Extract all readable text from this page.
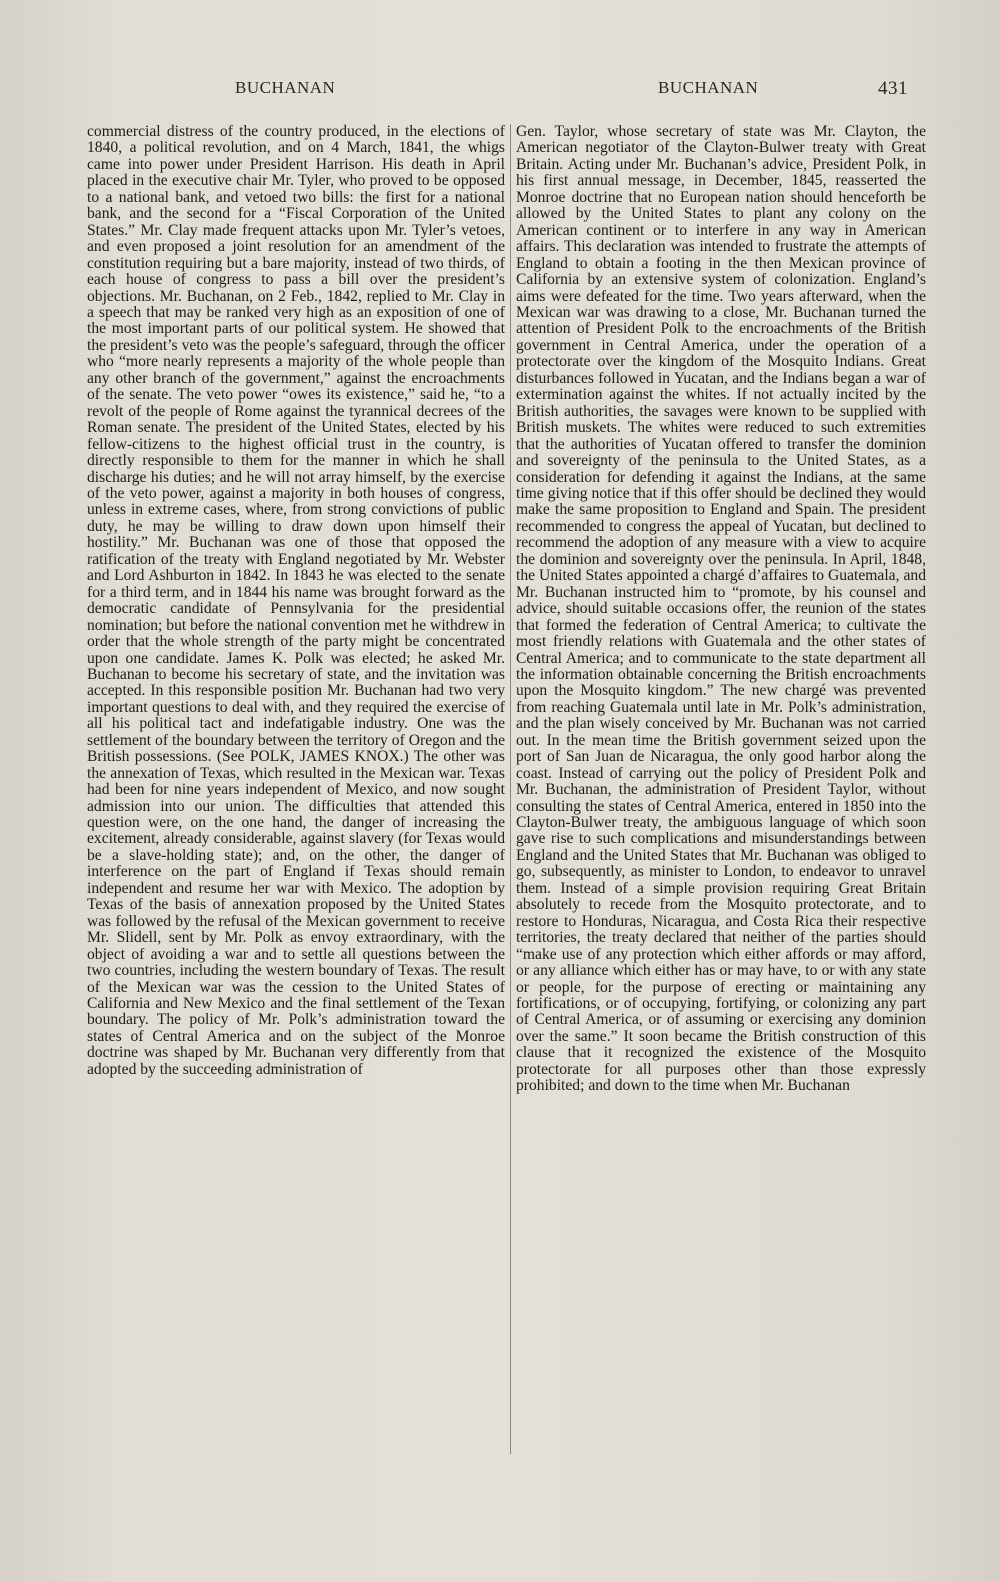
BUCHANAN	BUCHANAN	431

commercial distress of the country produced, in the elections of 1840, a political revolution, and on 4 March, 1841, the whigs came into power under President Harrison. His death in April placed in the executive chair Mr. Tyler, who proved to be opposed to a national bank, and vetoed two bills: the first for a national bank, and the second for a “Fiscal Corporation of the United States.” Mr. Clay made frequent attacks upon Mr. Tyler’s vetoes, and even proposed a joint resolution for an amendment of the constitution requiring but a bare majority, instead of two thirds, of each house of congress to pass a bill over the president’s objections. Mr. Buchanan, on 2 Feb., 1842, replied to Mr. Clay in a speech that may be ranked very high as an exposition of one of the most important parts of our political system. He showed that the president’s veto was the people’s safeguard, through the officer who “more nearly represents a majority of the whole people than any other branch of the government,” against the encroachments of the senate. The veto power “owes its existence,” said he, “to a revolt of the people of Rome against the tyrannical decrees of the Roman senate. The president of the United States, elected by his fellow-citizens to the highest official trust in the country, is directly responsible to them for the manner in which he shall discharge his duties; and he will not array himself, by the exercise of the veto power, against a majority in both houses of congress, unless in extreme cases, where, from strong convictions of public duty, he may be willing to draw down upon himself their hostility.” Mr. Buchanan was one of those that opposed the ratification of the treaty with England negotiated by Mr. Webster and Lord Ashburton in 1842. In 1843 he was elected to the senate for a third term, and in 1844 his name was brought forward as the democratic candidate of Pennsylvania for the presidential nomination; but before the national convention met he withdrew in order that the whole strength of the party might be concentrated upon one candidate. James K. Polk was elected; he asked Mr. Buchanan to become his secretary of state, and the invitation was accepted. In this responsible position Mr. Buchanan had two very important questions to deal with, and they required the exercise of all his political tact and indefatigable industry. One was the settlement of the boundary between the territory of Oregon and the British possessions. (See POLK, JAMES KNOX.) The other was the annexation of Texas, which resulted in the Mexican war. Texas had been for nine years independent of Mexico, and now sought admission into our union. The difficulties that attended this question were, on the one hand, the danger of increasing the excitement, already considerable, against slavery (for Texas would be a slave-holding state); and, on the other, the danger of interference on the part of England if Texas should remain independent and resume her war with Mexico. The adoption by Texas of the basis of annexation proposed by the United States was followed by the refusal of the Mexican government to receive Mr. Slidell, sent by Mr. Polk as envoy extraordinary, with the object of avoiding a war and to settle all questions between the two countries, including the western boundary of Texas. The result of the Mexican war was the cession to the United States of California and New Mexico and the final settlement of the Texan boundary. The policy of Mr. Polk’s administration toward the states of Central America and on the subject of the Monroe doctrine was shaped by Mr. Buchanan very differently from that adopted by the succeeding administration of

Gen. Taylor, whose secretary of state was Mr. Clayton, the American negotiator of the Clayton-Bulwer treaty with Great Britain. Acting under Mr. Buchanan’s advice, President Polk, in his first annual message, in December, 1845, reasserted the Monroe doctrine that no European nation should henceforth be allowed by the United States to plant any colony on the American continent or to interfere in any way in American affairs. This declaration was intended to frustrate the attempts of England to obtain a footing in the then Mexican province of California by an extensive system of colonization. England’s aims were defeated for the time. Two years afterward, when the Mexican war was drawing to a close, Mr. Buchanan turned the attention of President Polk to the encroachments of the British government in Central America, under the operation of a protectorate over the kingdom of the Mosquito Indians. Great disturbances followed in Yucatan, and the Indians began a war of extermination against the whites. If not actually incited by the British authorities, the savages were known to be supplied with British muskets. The whites were reduced to such extremities that the authorities of Yucatan offered to transfer the dominion and sovereignty of the peninsula to the United States, as a consideration for defending it against the Indians, at the same time giving notice that if this offer should be declined they would make the same proposition to England and Spain. The president recommended to congress the appeal of Yucatan, but declined to recommend the adoption of any measure with a view to acquire the dominion and sovereignty over the peninsula. In April, 1848, the United States appointed a chargé d’affaires to Guatemala, and Mr. Buchanan instructed him to “promote, by his counsel and advice, should suitable occasions offer, the reunion of the states that formed the federation of Central America; to cultivate the most friendly relations with Guatemala and the other states of Central America; and to communicate to the state department all the information obtainable concerning the British encroachments upon the Mosquito kingdom.” The new chargé was prevented from reaching Guatemala until late in Mr. Polk’s administration, and the plan wisely conceived by Mr. Buchanan was not carried out. In the mean time the British government seized upon the port of San Juan de Nicaragua, the only good harbor along the coast. Instead of carrying out the policy of President Polk and Mr. Buchanan, the administration of President Taylor, without consulting the states of Central America, entered in 1850 into the Clayton-Bulwer treaty, the ambiguous language of which soon gave rise to such complications and misunderstandings between England and the United States that Mr. Buchanan was obliged to go, subsequently, as minister to London, to endeavor to unravel them. Instead of a simple provision requiring Great Britain absolutely to recede from the Mosquito protectorate, and to restore to Honduras, Nicaragua, and Costa Rica their respective territories, the treaty declared that neither of the parties should “make use of any protection which either affords or may afford, or any alliance which either has or may have, to or with any state or people, for the purpose of erecting or maintaining any fortifications, or of occupying, fortifying, or colonizing any part of Central America, or of assuming or exercising any dominion over the same.” It soon became the British construction of this clause that it recognized the existence of the Mosquito protectorate for all purposes other than those expressly prohibited; and down to the time when Mr. Buchanan
